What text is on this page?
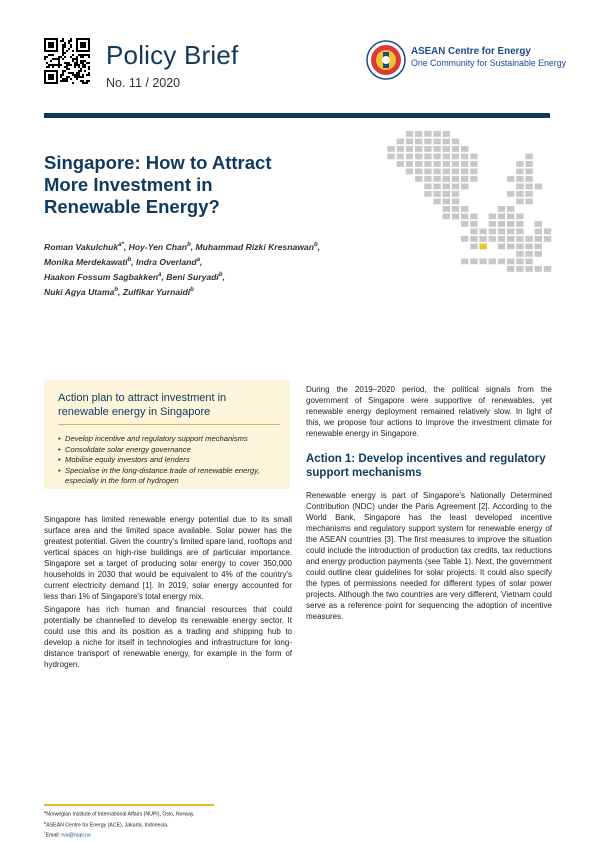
Policy Brief
No. 11 / 2020
ASEAN Centre for Energy
One Community for Sustainable Energy
Singapore: How to Attract
More Investment in
Renewable Energy?
Roman Vakulchuk$^{a*}$, Hoy-Yen Chan$^b$, Muhammad Rizki Kresnawan$^b$,
Monika Merdekawati$^b$, Indra Overland$^a$,
Haakon Fossum Sagbakken$^a$, Beni Suryadi$^b$,
Nuki Agya Utama$^b$, Zulfikar Yurnaidi$^b$
Action plan to attract investment in renewable energy in Singapore
• Develop incentive and regulatory support mechanisms
• Consolidate solar energy governance
• Mobilise equity investors and lenders
• Specialise in the long-distance trade of renewable energy, especially in the form of hydrogen

Singapore has limited renewable energy potential due to its small surface area and the limited space available. Solar power has the greatest potential. Given the country's limited spare land, rooftops and vertical spaces on high-rise buildings are of particular importance. Singapore set a target of producing solar energy to cover 350,000 households in 2030 that would be equivalent to 4% of the country's current electricity demand [1]. In 2019, solar energy accounted for less than 1% of Singapore's total energy mix.

Singapore has rich human and financial resources that could potentially be channelled to develop its renewable energy sector. It could use this and its position as a trading and shipping hub to develop a niche for itself in technologies and infrastructure for long-distance transport of renewable energy, for example in the form of hydrogen.

During the 2019–2020 period, the political signals from the government of Singapore were supportive of renewables, yet renewable energy deployment remained relatively slow. In light of this, we propose four actions to improve the investment climate for renewable energy in Singapore.

Action 1: Develop incentives and regulatory support mechanisms

Renewable energy is part of Singapore's Nationally Determined Contribution (NDC) under the Paris Agreement [2]. According to the World Bank, Singapore has the least developed incentive mechanisms and regulatory support system for renewable energy of the ASEAN countries [3]. The first measures to improve the situation could include the introduction of production tax credits, tax reductions and energy production payments (see Table 1). Next, the government could outline clear guidelines for solar projects. It could also specify the types of permissions needed for different types of solar power projects. Although the two countries are very different, Vietnam could serve as a reference point for sequencing the adoption of incentive measures.

$^a$Norwegian Institute of International Affairs (NUPI), Oslo, Norway.
$^b$ASEAN Centre for Energy (ACE), Jakarta, Indonesia.
*Email: rva@nupi.no
